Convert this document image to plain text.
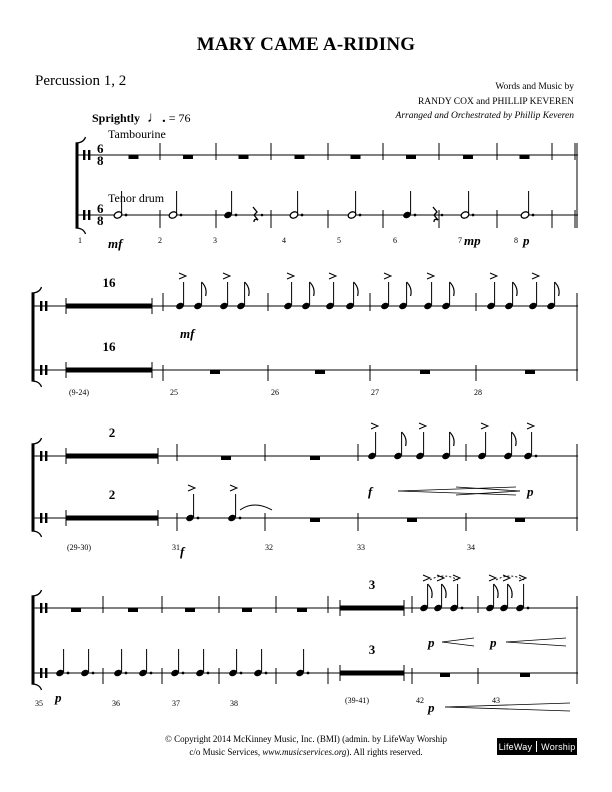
MARY CAME A-RIDING
Percussion 1, 2	Words and Music by
RANDY COX and PHILLIP KEVEREN
Arranged and Orchestrated by Phillip Keveren
Sprightly ♩. = 76
Tambourine
Tenor drum
6
8
6
8
1	2	3	4	5	6	7	8
mf	mp	p
16
16
mf
(9-24)	25	26	27	28
2
2	f	p
f
(29-30)	31	32	33	34
3
3	p	p
p
p
35	36	37	38	(39-41)	42	43
© Copyright 2014 McKinney Music, Inc. (BMI) (admin. by LifeWay Worship
c/o Music Services, www.musicservices.org). All rights reserved.	LifeWay Worship
